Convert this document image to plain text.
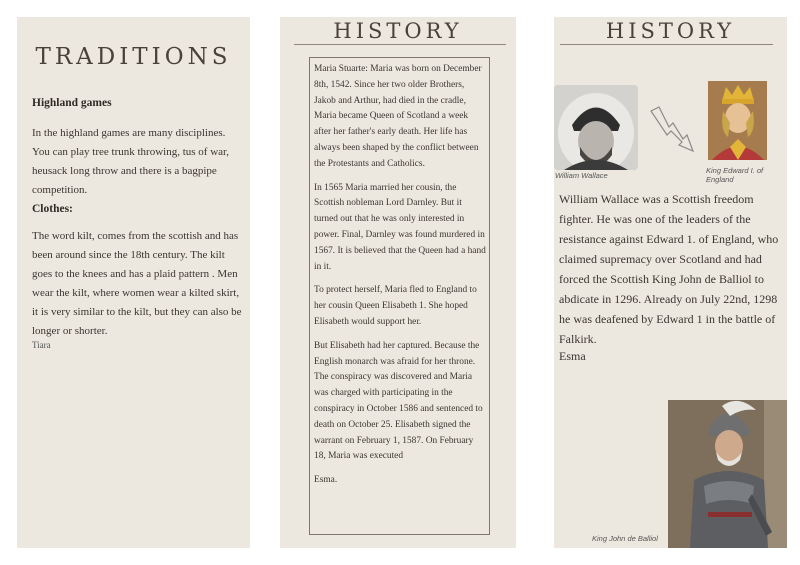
TRADITIONS
Highland games
In the highland games are many disciplines. You can play tree trunk throwing, tus of war, heusack long throw and there is a bagpipe competition.
Clothes:
The word kilt, comes from the scottish and has been around since the 18th century. The kilt goes to the knees and has a plaid pattern . Men wear the kilt, where women wear a kilted skirt, it is very similar to the kilt, but they can also be longer or shorter.
Tiara
HISTORY

Maria Stuarte: Maria was born on December 8th, 1542. Since her two older Brothers, Jakob and Arthur, had died in the cradle, Maria became Queen of Scotland a week after her father's early death. Her life has always been shaped by the conflict between the Protestants and Catholics.

In 1565 Maria married her cousin, the Scottish nobleman Lord Darnley. But it turned out that he was only interested in power. Final, Darnley was found murdered in 1567. It is believed that the Queen had a hand in it.

To protect herself, Maria fled to England to her cousin Queen Elisabeth 1. She hoped Elisabeth would support her.

But Elisabeth had her captured. Because the English monarch was afraid for her throne. The conspiracy was discovered and Maria was charged with participating in the conspiracy in October 1586 and sentenced to death on October 25. Elisabeth signed the warrant on February 1, 1587. On February 18, Maria was executed

Esma.

HISTORY
William Wallace
King Edward I. of England
William Wallace was a Scottish freedom fighter. He was one of the leaders of the resistance against Edward 1. of England, who claimed supremacy over Scotland and had forced the Scottish King John de Balliol to abdicate in 1296. Already on July 22nd, 1298 he was deafened by Edward 1 in the battle of Falkirk.
Esma
King John de Balliol
